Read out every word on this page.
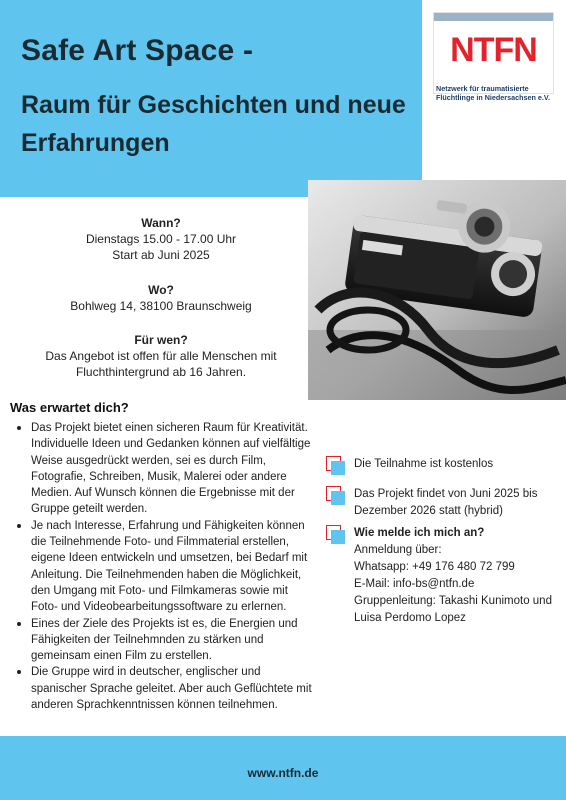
Safe Art Space -
Raum für Geschichten und neue Erfahrungen
NTFN
Netzwerk für traumatisierte Flüchtlinge in Niedersachsen e.V.
Wann?
Dienstags 15.00 - 17.00 Uhr
Start ab Juni 2025
Wo?
Bohlweg 14, 38100 Braunschweig
Für wen?
Das Angebot ist offen für alle Menschen mit Fluchthintergrund ab 16 Jahren.
Was erwartet dich?
Das Projekt bietet einen sicheren Raum für Kreativität. Individuelle Ideen und Gedanken können auf vielfältige Weise ausgedrückt werden, sei es durch Film, Fotografie, Schreiben, Musik, Malerei oder andere Medien. Auf Wunsch können die Ergebnisse mit der Gruppe geteilt werden.
Je nach Interesse, Erfahrung und Fähigkeiten können die Teilnehmende Foto- und Filmmaterial erstellen, eigene Ideen entwickeln und umsetzen, bei Bedarf mit Anleitung. Die Teilnehmenden haben die Möglichkeit, den Umgang mit Foto- und Filmkameras sowie mit Foto- und Videobearbeitungssoftware zu erlernen.
Eines der Ziele des Projekts ist es, die Energien und Fähigkeiten der Teilnehmnden zu stärken und gemeinsam einen Film zu erstellen.
Die Gruppe wird in deutscher, englischer und spanischer Sprache geleitet. Aber auch Geflüchtete mit anderen Sprachkenntnissen können teilnehmen.
Die Teilnahme ist kostenlos
Das Projekt findet von Juni 2025 bis Dezember 2026 statt (hybrid)
Wie melde ich mich an?
Anmeldung über:
Whatsapp: +49 176 480 72 799
E-Mail: info-bs@ntfn.de
Gruppenleitung: Takashi Kunimoto und Luisa Perdomo Lopez
www.ntfn.de
